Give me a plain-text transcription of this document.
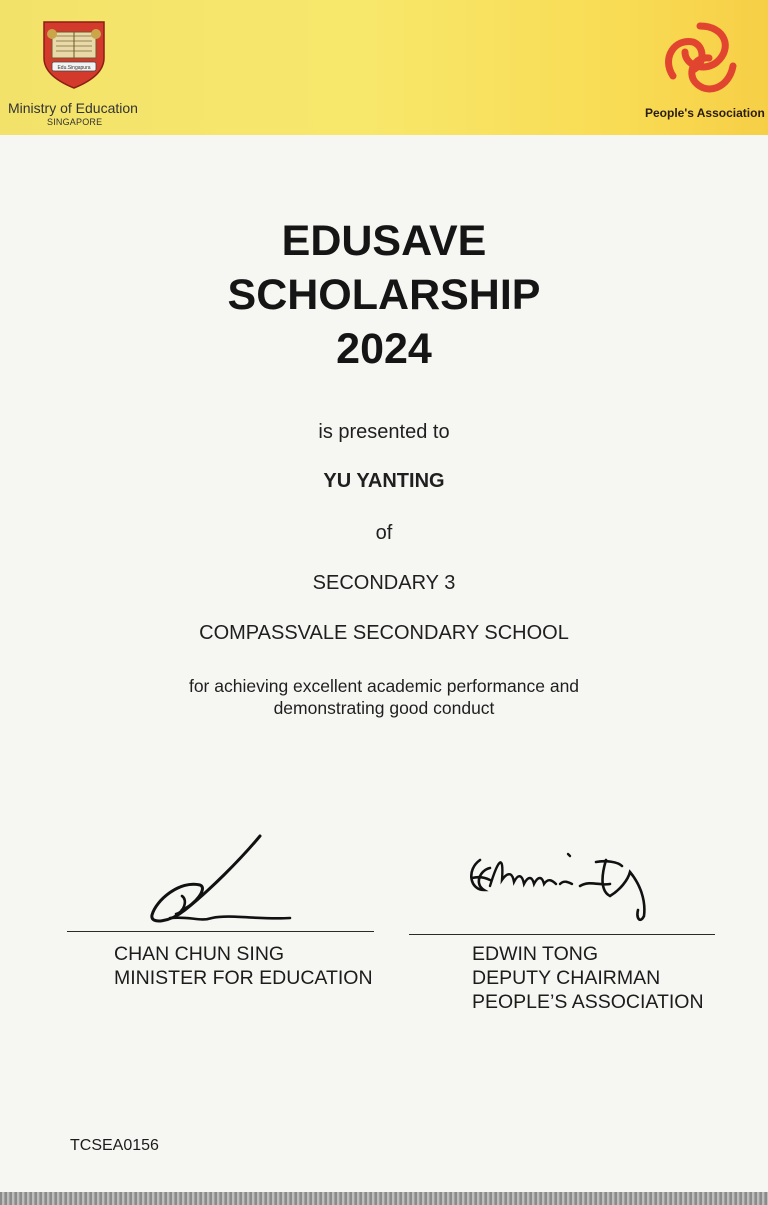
Edu.Singapura
Ministry of Education
SINGAPORE
People's Association
EDUSAVE
SCHOLARSHIP
2024
is presented to
YU YANTING
of
SECONDARY 3
COMPASSVALE SECONDARY SCHOOL
for achieving excellent academic performance and
demonstrating good conduct
CHAN CHUN SING
MINISTER FOR EDUCATION
EDWIN TONG
DEPUTY CHAIRMAN
PEOPLE’S ASSOCIATION
TCSEA0156
